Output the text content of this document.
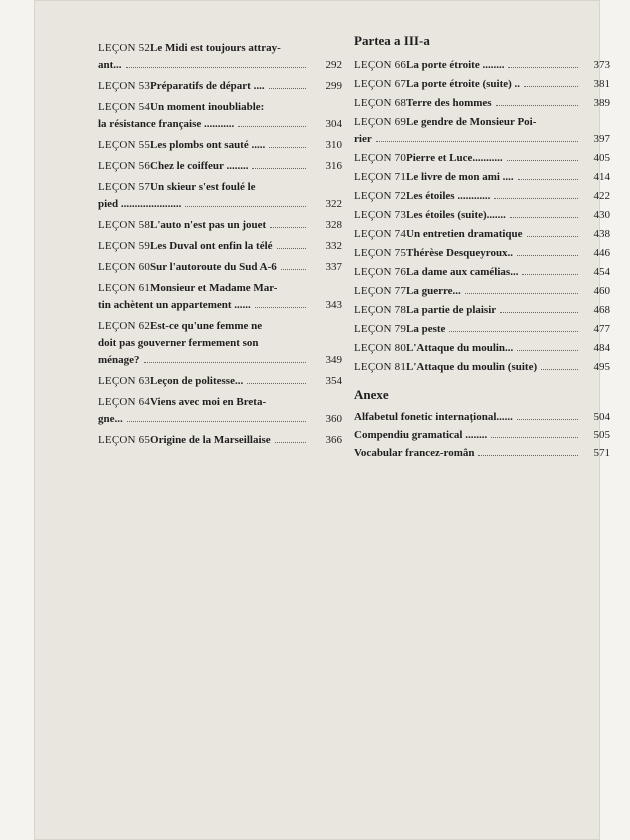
LEÇON 52 Le Midi est toujours attray-
ant...	292
LEÇON 53 Préparatifs de départ ....	299
LEÇON 54 Un moment inoubliable:
la résistance française ...........	304
LEÇON 55 Les plombs ont sauté .....	310
LEÇON 56 Chez le coiffeur ........	316
LEÇON 57 Un skieur s'est foulé le
pied ......................	322
LEÇON 58 L'auto n'est pas un jouet	328
LEÇON 59 Les Duval ont enfin la télé	332
LEÇON 60 Sur l'autoroute du Sud A-6	337
LEÇON 61 Monsieur et Madame Mar-
tin achètent un appartement ......	343
LEÇON 62 Est-ce qu'une femme ne
doit pas gouverner fermement son
ménage?	349
LEÇON 63 Leçon de politesse...	354
LEÇON 64 Viens avec moi en Breta-
gne...	360
LEÇON 65 Origine de la Marseillaise	366
Partea a III-a
LEÇON 66 La porte étroite ........	373
LEÇON 67 La porte étroite (suite) ..	381
LEÇON 68 Terre des hommes	389
LEÇON 69 Le gendre de Monsieur Poi-
rier	397
LEÇON 70 Pierre et Luce...........	405
LEÇON 71 Le livre de mon ami ....	414
LEÇON 72 Les étoiles ............	422
LEÇON 73 Les étoiles (suite).......	430
LEÇON 74 Un entretien dramatique	438
LEÇON 75 Thérèse Desqueyroux..	446
LEÇON 76 La dame aux camélias...	454
LEÇON 77 La guerre...	460
LEÇON 78 La partie de plaisir	468
LEÇON 79 La peste	477
LEÇON 80 L'Attaque du moulin...	484
LEÇON 81 L'Attaque du moulin (suite)	495
Anexe
Alfabetul fonetic internațional......	504
Compendiu gramatical ........	505
Vocabular francez-român	571
